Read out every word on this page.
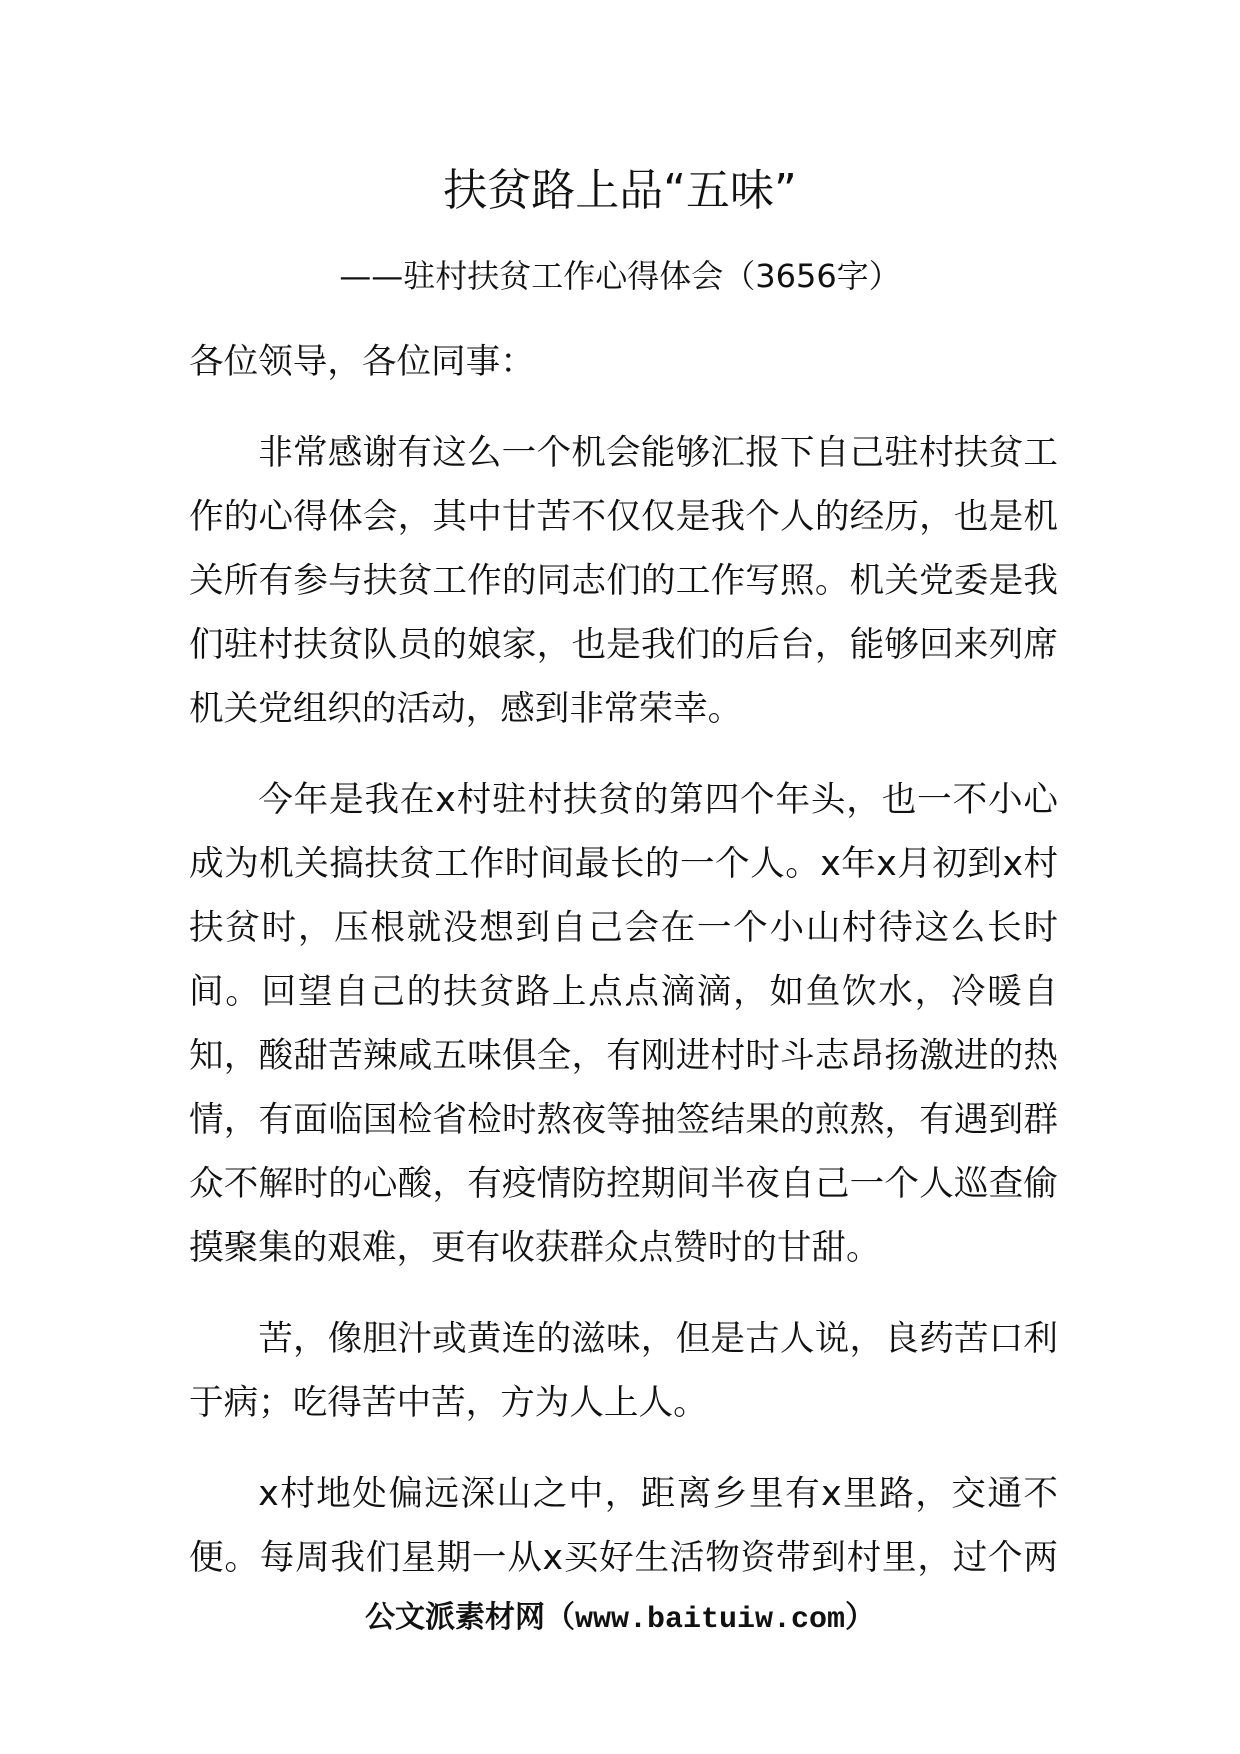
扶贫路上品“五味”
——驻村扶贫工作心得体会（3656字）
各位领导，各位同事：
非常感谢有这么一个机会能够汇报下自己驻村扶贫工
作的心得体会，其中甘苦不仅仅是我个人的经历，也是机
关所有参与扶贫工作的同志们的工作写照。机关党委是我
们驻村扶贫队员的娘家，也是我们的后台，能够回来列席
机关党组织的活动，感到非常荣幸。
今年是我在x村驻村扶贫的第四个年头，也一不小心
成为机关搞扶贫工作时间最长的一个人。x年x月初到x村
扶贫时，压根就没想到自己会在一个小山村待这么长时
间。回望自己的扶贫路上点点滴滴，如鱼饮水，冷暖自
知，酸甜苦辣咸五味俱全，有刚进村时斗志昂扬激进的热
情，有面临国检省检时熬夜等抽签结果的煎熬，有遇到群
众不解时的心酸，有疫情防控期间半夜自己一个人巡查偷
摸聚集的艰难，更有收获群众点赞时的甘甜。
苦，像胆汁或黄连的滋味，但是古人说，良药苦口利
于病；吃得苦中苦，方为人上人。
x村地处偏远深山之中，距离乡里有x里路，交通不
便。每周我们星期一从x买好生活物资带到村里，过个两
公文派素材网（www.baituiw.com）
